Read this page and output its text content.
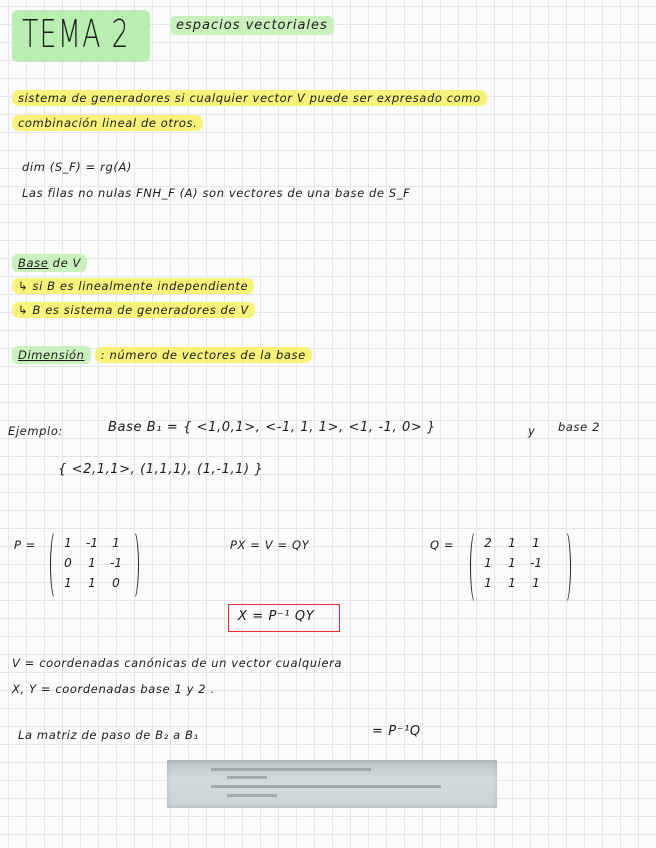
TEMA 2	espacios vectoriales
sistema de generadores si cualquier vector V puede ser expresado como
combinación lineal de otros.
dim (S_F) = rg(A)
Las filas no nulas FNH_F (A) son vectores de una base de S_F
Base de V
↳ si B es linealmente independiente
↳ B es sistema de generadores de V
Dimensión : número de vectores de la base
Ejemplo:	Base B₁ = { <1,0,1>, <-1, 1, 1>, <1, -1, 0> }	y base 2
{ <2,1,1>, (1,1,1), (1,-1,1) }
P =	1	-1	1
0	1	-1
1	1	0
PX = V = QY	Q =	2	1	1
1	1	-1
1	1	1
X = P⁻¹ QY
V = coordenadas canónicas de un vector cualquiera
X, Y = coordenadas base 1 y 2 .
La matriz de paso de B₂ a B₁	= P⁻¹Q
